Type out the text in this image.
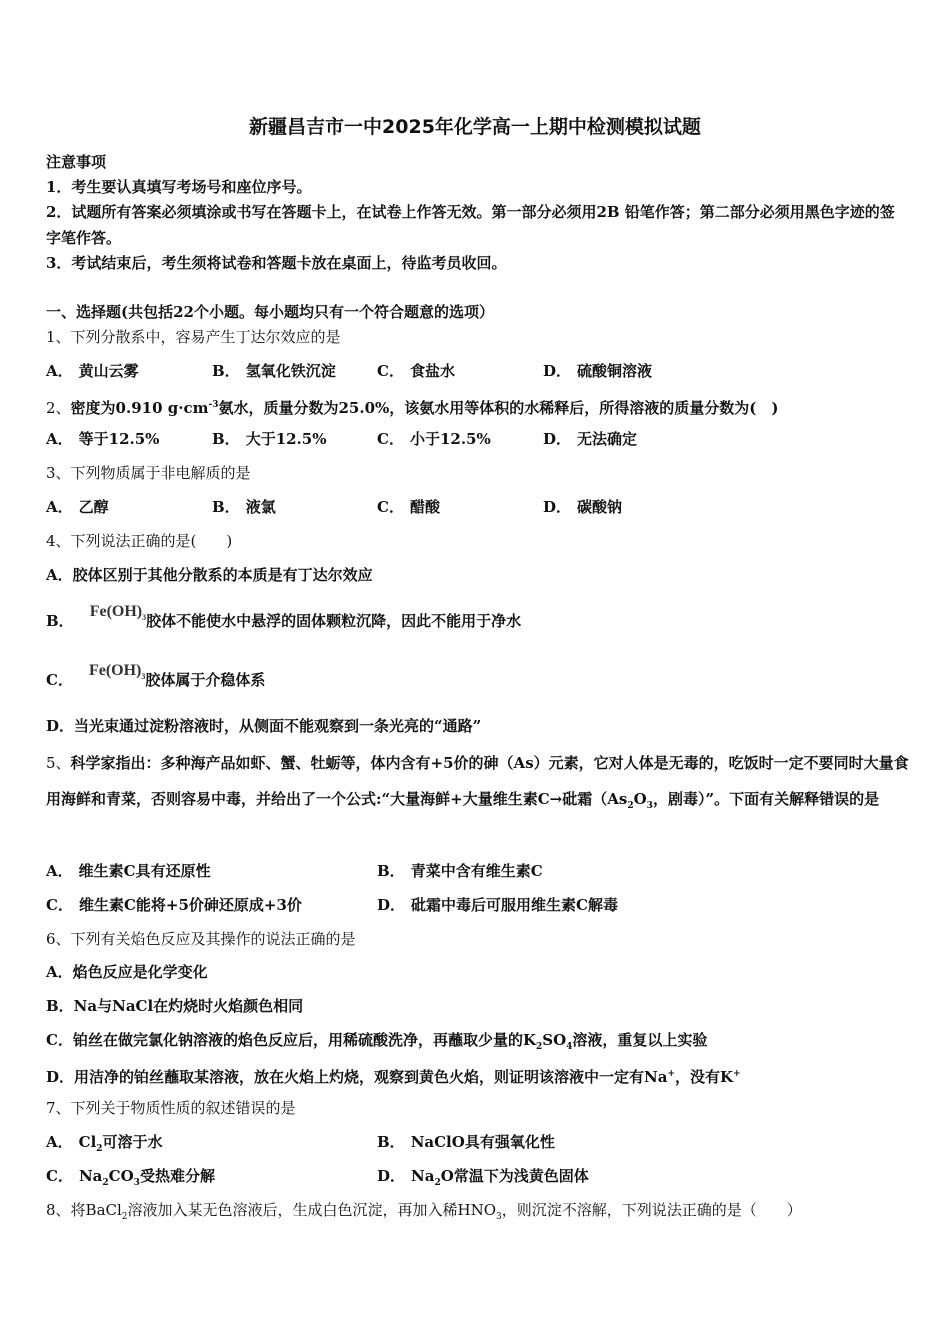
新疆昌吉市一中2025年化学高一上期中检测模拟试题
注意事项
1．考生要认真填写考场号和座位序号。
2．试题所有答案必须填涂或书写在答题卡上，在试卷上作答无效。第一部分必须用2B 铅笔作答；第二部分必须用黑色字迹的签字笔作答。
3．考试结束后，考生须将试卷和答题卡放在桌面上，待监考员收回。
一、选择题(共包括22个小题。每小题均只有一个符合题意的选项）
1、下列分散系中，容易产生丁达尔效应的是
A． 黄山云雾	B． 氢氧化铁沉淀	C． 食盐水	D． 硫酸铜溶液
2、密度为0.910 $g\cdot cm^{-3}$氨水，质量分数为25.0%，该氨水用等体积的水稀释后，所得溶液的质量分数为(　)
A． 等于12.5%	B． 大于12.5%	C． 小于12.5%	D． 无法确定
3、下列物质属于非电解质的是
A． 乙醇	B． 液氯	C． 醋酸	D． 碳酸钠
4、下列说法正确的是(　　)
A．胶体区别于其他分散系的本质是有丁达尔效应
B．$Fe(OH)_3$胶体不能使水中悬浮的固体颗粒沉降，因此不能用于净水
C．$Fe(OH)_3$胶体属于介稳体系
D．当光束通过淀粉溶液时，从侧面不能观察到一条光亮的“通路”
5、科学家指出：多种海产品如虾、蟹、牡蛎等，体内含有+5价的砷（As）元素，它对人体是无毒的，吃饭时一定不要同时大量食用海鲜和青菜，否则容易中毒，并给出了一个公式:“大量海鲜+大量维生素C→砒霜（$As_2O_3$，剧毒）”。下面有关解释错误的是
A． 维生素C具有还原性	B． 青菜中含有维生素C
C． 维生素C能将+5价砷还原成+3价	D． 砒霜中毒后可服用维生素C解毒
6、下列有关焰色反应及其操作的说法正确的是
A．焰色反应是化学变化
B．Na与NaCl在灼烧时火焰颜色相同
C．铂丝在做完氯化钠溶液的焰色反应后，用稀硫酸洗净，再蘸取少量的$K_2SO_4$溶液，重复以上实验
D．用洁净的铂丝蘸取某溶液，放在火焰上灼烧，观察到黄色火焰，则证明该溶液中一定有Na+，没有K+
7、下列关于物质性质的叙述错误的是
A． $Cl_2$可溶于水	B． NaClO具有强氧化性
C． $Na_2CO_3$受热难分解	D． $Na_2O$常温下为浅黄色固体
8、将BaCl$_2$溶液加入某无色溶液后，生成白色沉淀，再加入稀$HNO_3$，则沉淀不溶解，下列说法正确的是（　　）
